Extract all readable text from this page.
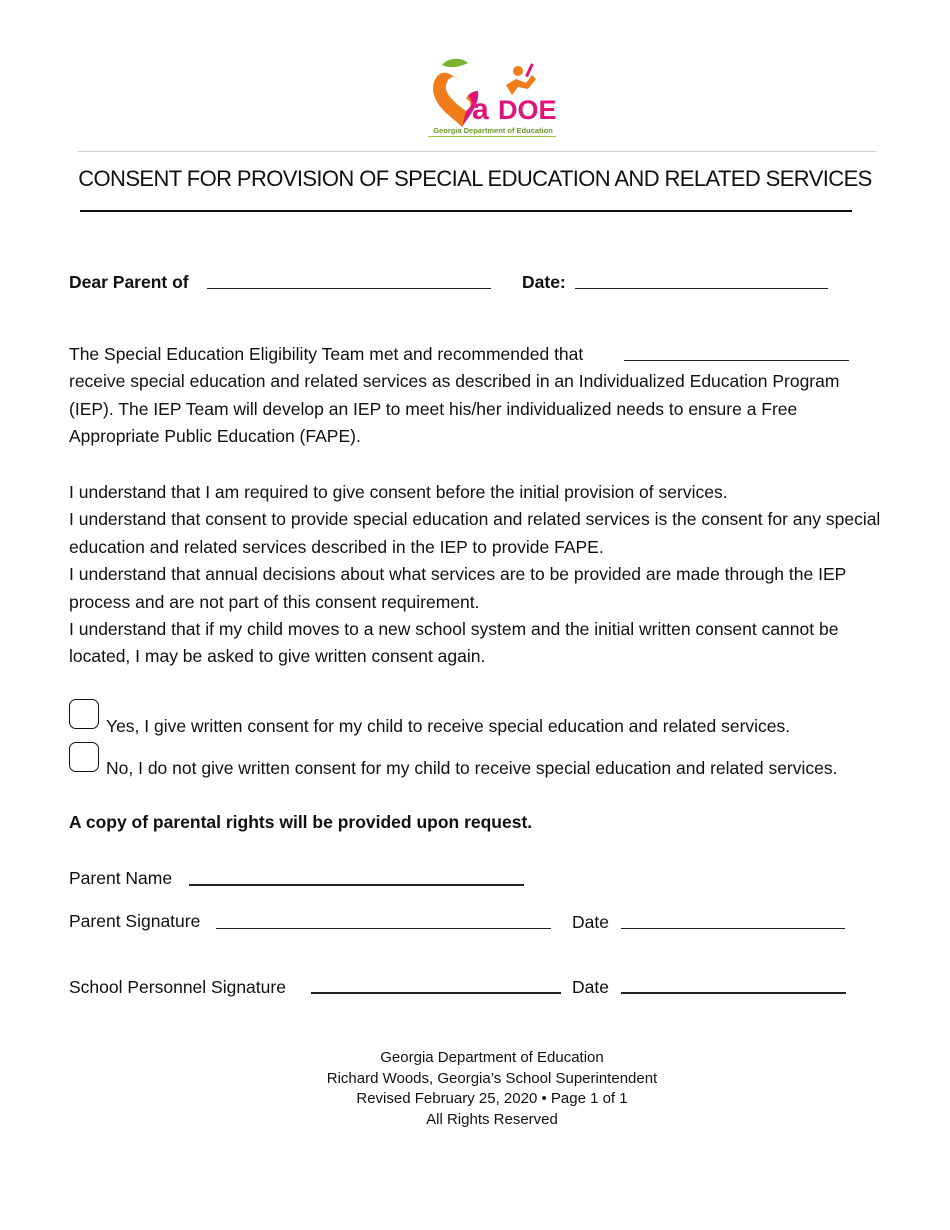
a DOE
Georgia Department of Education
CONSENT FOR PROVISION OF SPECIAL EDUCATION AND RELATED SERVICES
Dear Parent of	Date:

The Special Education Eligibility Team met and recommended that

receive special education and related services as described in an Individualized Education Program (IEP). The IEP Team will develop an IEP to meet his/her individualized needs to ensure a Free Appropriate Public Education (FAPE).

I understand that I am required to give consent before the initial provision of services.

I understand that consent to provide special education and related services is the consent for any special education and related services described in the IEP to provide FAPE.

I understand that annual decisions about what services are to be provided are made through the IEP process and are not part of this consent requirement.

I understand that if my child moves to a new school system and the initial written consent cannot be located, I may be asked to give written consent again.

Yes, I give written consent for my child to receive special education and related services.
No, I do not give written consent for my child to receive special education and related services.
A copy of parental rights will be provided upon request.
Parent Name
Parent Signature	Date
School Personnel Signature	Date
Georgia Department of Education
Richard Woods, Georgia’s School Superintendent
Revised February 25, 2020 • Page 1 of 1
All Rights Reserved
